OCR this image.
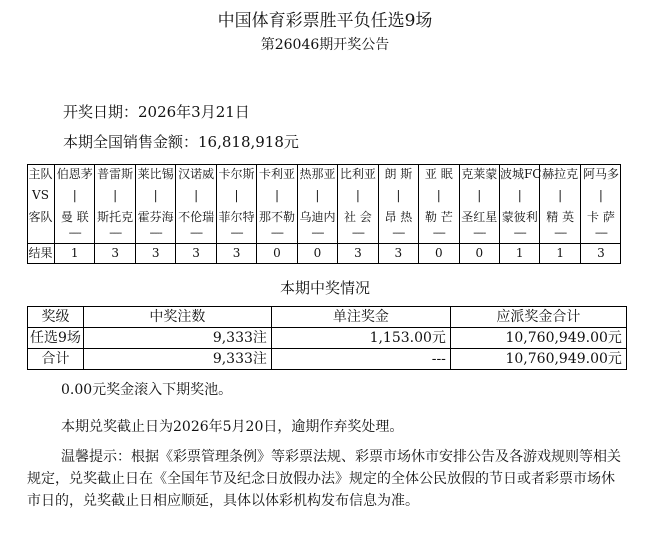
中国体育彩票胜平负任选9场
第26046期开奖公告
开奖日期：2026年3月21日
本期全国销售金额：16,818,918元
主队	伯恩茅	普雷斯	莱比锡	汉诺威	卡尔斯	卡利亚	热那亚	比利亚	朗 斯	亚 眠	克莱蒙	波城FC	赫拉克	阿马多
VS	|	|	|	|	|	|	|	|	|	|	|	|	|	|
客队	曼 联	斯托克	霍芬海	不伦瑞	菲尔特	那不勒	乌迪内	社 会	昂 热	勒 芒	圣红星	蒙彼利	精 英	卡 萨
	-----	-----	-----	-----	-----	-----	-----	-----	-----	-----	-----	-----	-----	-----
结果	1	3	3	3	3	0	0	3	3	0	0	1	1	3
本期中奖情况
奖级	中奖注数	单注奖金	应派奖金合计
任选9场	9,333注	1,153.00元	10,760,949.00元
合计	9,333注	---	10,760,949.00元
0.00元奖金滚入下期奖池。
本期兑奖截止日为2026年5月20日，逾期作弃奖处理。
温馨提示：根据《彩票管理条例》等彩票法规、彩票市场休市安排公告及各游戏规则等相关规定，兑奖截止日在《全国年节及纪念日放假办法》规定的全体公民放假的节日或者彩票市场休市日的，兑奖截止日相应顺延，具体以体彩机构发布信息为准。
